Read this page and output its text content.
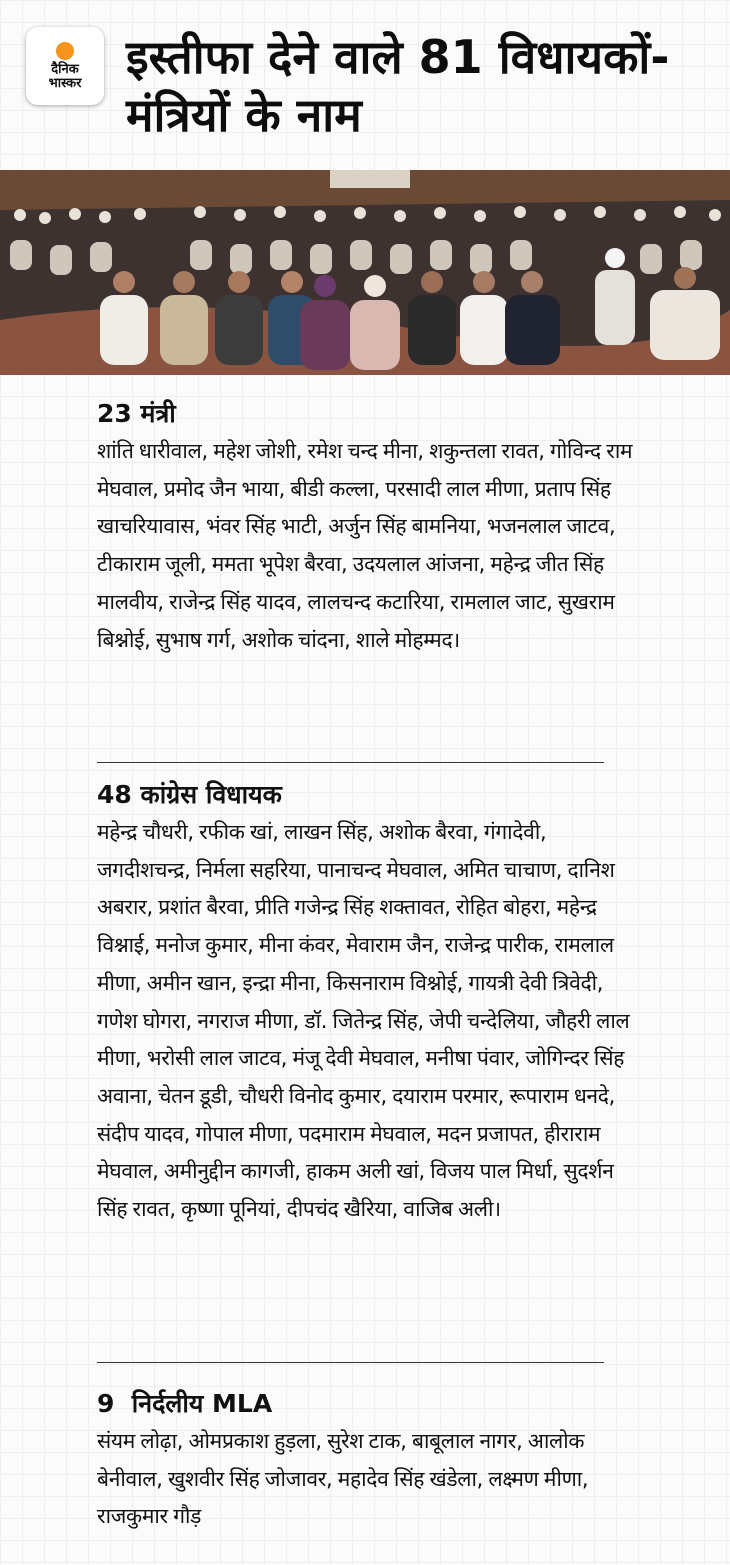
दैनिक
भास्कर इस्तीफा देने वाले 81 विधायकों-मंत्रियों के नाम
23 मंत्री
शांति धारीवाल, महेश जोशी, रमेश चन्द मीना, शकुन्तला रावत, गोविन्द राम मेघवाल, प्रमोद जैन भाया, बीडी कल्ला, परसादी लाल मीणा, प्रताप सिंह खाचरियावास, भंवर सिंह भाटी, अर्जुन सिंह बामनिया, भजनलाल जाटव, टीकाराम जूली, ममता भूपेश बैरवा, उदयलाल आंजना, महेन्द्र जीत सिंह मालवीय, राजेन्द्र सिंह यादव, लालचन्द कटारिया, रामलाल जाट, सुखराम बिश्नोई, सुभाष गर्ग, अशोक चांदना, शाले मोहम्मद।
48 कांग्रेस विधायक
महेन्द्र चौधरी, रफीक खां, लाखन सिंह, अशोक बैरवा, गंगादेवी, जगदीशचन्द्र, निर्मला सहरिया, पानाचन्द मेघवाल, अमित चाचाण, दानिश अबरार, प्रशांत बैरवा, प्रीति गजेन्द्र सिंह शक्तावत, रोहित बोहरा, महेन्द्र विश्नाई, मनोज कुमार, मीना कंवर, मेवाराम जैन, राजेन्द्र पारीक, रामलाल मीणा, अमीन खान, इन्द्रा मीना, किसनाराम विश्नोई, गायत्री देवी त्रिवेदी, गणेश घोगरा, नगराज मीणा, डॉ. जितेन्द्र सिंह, जेपी चन्देलिया, जौहरी लाल मीणा, भरोसी लाल जाटव, मंजू देवी मेघवाल, मनीषा पंवार, जोगिन्दर सिंह अवाना, चेतन डूडी, चौधरी विनोद कुमार, दयाराम परमार, रूपाराम धनदे, संदीप यादव, गोपाल मीणा, पदमाराम मेघवाल, मदन प्रजापत, हीराराम मेघवाल, अमीनुद्दीन कागजी, हाकम अली खां, विजय पाल मिर्धा, सुदर्शन सिंह रावत, कृष्णा पूनियां, दीपचंद खैरिया, वाजिब अली।
9  निर्दलीय MLA
संयम लोढ़ा, ओमप्रकाश हुड़ला, सुरेश टाक, बाबूलाल नागर, आलोक बेनीवाल, खुशवीर सिंह जोजावर, महादेव सिंह खंडेला, लक्ष्मण मीणा, राजकुमार गौड़
